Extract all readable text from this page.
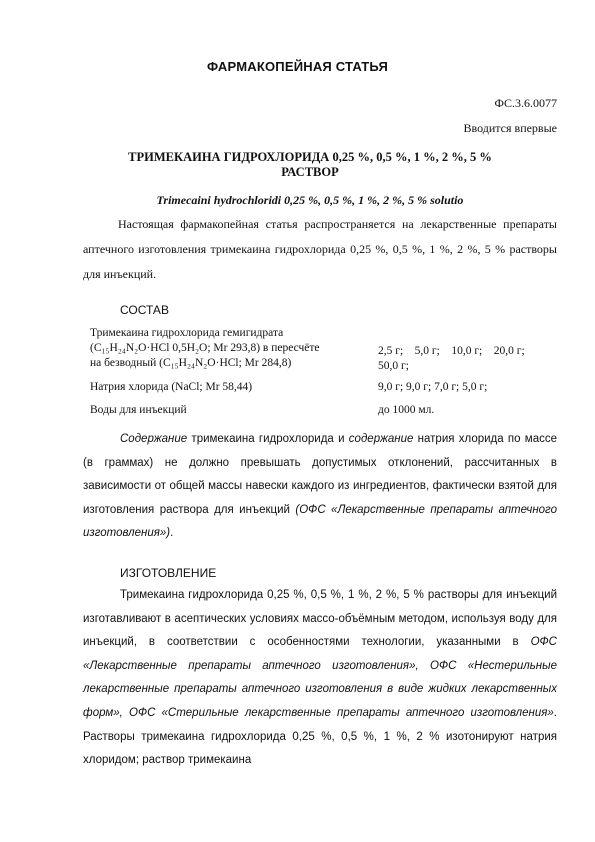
ФАРМАКОПЕЙНАЯ СТАТЬЯ
ФС.3.6.0077
Вводится впервые
ТРИМЕКАИНА ГИДРОХЛОРИДА 0,25 %, 0,5 %, 1 %, 2 %, 5 %
РАСТВОР
Trimecaini hydrochloridi 0,25 %, 0,5 %, 1 %, 2 %, 5 % solutio

Настоящая фармакопейная статья распространяется на лекарственные препараты аптечного изготовления тримекаина гидрохлорида 0,25 %, 0,5 %, 1 %, 2 %, 5 % растворы для инъекций.

СОСТАВ
Тримекаина гидрохлорида гемигидрата
(C₁₅H₂₄N₂O·HCl 0,5H₂O; Mr 293,8) в пересчёте
на безводный (C₁₅H₂₄N₂O·HCl; Mr 284,8)
2,5 г;    5,0 г;    10,0 г;    20,0 г;
50,0 г;
Натрия хлорида (NaCl; Mr 58,44)	9,0 г; 9,0 г; 7,0 г; 5,0 г;
Воды для инъекций	до 1000 мл.

Содержание тримекаина гидрохлорида и содержание натрия хлорида по массе (в граммах) не должно превышать допустимых отклонений, рассчитанных в зависимости от общей массы навески каждого из ингредиентов, фактически взятой для изготовления раствора для инъекций (ОФС «Лекарственные препараты аптечного изготовления»).

ИЗГОТОВЛЕНИЕ

Тримекаина гидрохлорида 0,25 %, 0,5 %, 1 %, 2 %, 5 % растворы для инъекций изготавливают в асептических условиях массо-объёмным методом, используя воду для инъекций, в соответствии с особенностями технологии, указанными в ОФС «Лекарственные препараты аптечного изготовления», ОФС «Нестерильные лекарственные препараты аптечного изготовления в виде жидких лекарственных форм», ОФС «Стерильные лекарственные препараты аптечного изготовления». Растворы тримекаина гидрохлорида 0,25 %, 0,5 %, 1 %, 2 % изотонируют натрия хлоридом; раствор тримекаина
